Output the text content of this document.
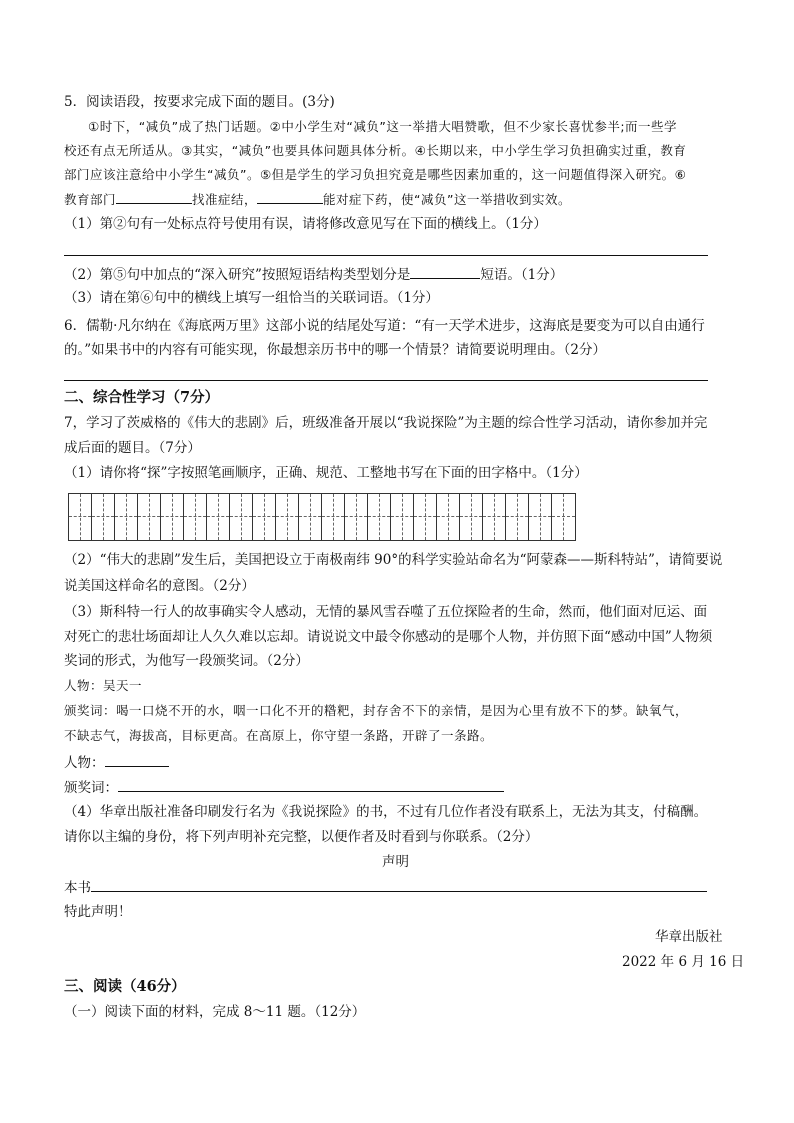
5．阅读语段，按要求完成下面的题目。(3分)
①时下，“减负”成了热门话题。②中小学生对“减负”这一举措大唱赞歌，但不少家长喜忧参半;而一些学
校还有点无所适从。③其实，“减负”也要具体问题具体分析。④长期以来，中小学生学习负担确实过重，教育
部门应该注意给中小学生“减负”。⑤但是学生的学习负担究竟是哪些因素加重的，这一问题值得深入研究。⑥
教育部门	找准症结，	能对症下药，使“减负”这一举措收到实效。
（1）第②句有一处标点符号使用有误，请将修改意见写在下面的横线上。（1分）
（2）第⑤句中加点的“深入研究”按照短语结构类型划分是	短语。（1分）
（3）请在第⑥句中的横线上填写一组恰当的关联词语。（1分）
6．儒勒·凡尔纳在《海底两万里》这部小说的结尾处写道：“有一天学术进步，这海底是要变为可以自由通行
的。”如果书中的内容有可能实现，你最想亲历书中的哪一个情景？请简要说明理由。（2分）
二、综合性学习（7分）
7，学习了茨威格的《伟大的悲剧》后，班级准备开展以“我说探险”为主题的综合性学习活动，请你参加并完
成后面的题目。（7分）
（1）请你将“探”字按照笔画顺序，正确、规范、工整地书写在下面的田字格中。（1分）
（2）“伟大的悲剧”发生后，美国把设立于南极南纬 90°的科学实验站命名为“阿蒙森——斯科特站”，请简要说
说美国这样命名的意图。（2分）
（3）斯科特一行人的故事确实令人感动，无情的暴风雪吞噬了五位探险者的生命，然而，他们面对厄运、面
对死亡的悲壮场面却让人久久难以忘却。请说说文中最令你感动的是哪个人物，并仿照下面“感动中国”人物须
奖词的形式，为他写一段颁奖词。（2分）
人物：吴天一
颁奖词：喝一口烧不开的水，咽一口化不开的糌粑，封存舍不下的亲情，是因为心里有放不下的梦。缺氧气，
不缺志气，海拔高，目标更高。在高原上，你守望一条路，开辟了一条路。
人物：
颁奖词：
（4）华章出版社准备印刷发行名为《我说探险》的书，不过有几位作者没有联系上，无法为其支，付稿酬。
请你以主编的身份，将下列声明补充完整，以便作者及时看到与你联系。（2分）
声明
本书
特此声明！
华章出版社
2022 年 6 月 16 日
三、阅读（46分）
（一）阅读下面的材料，完成 8～11 题。（12分）
